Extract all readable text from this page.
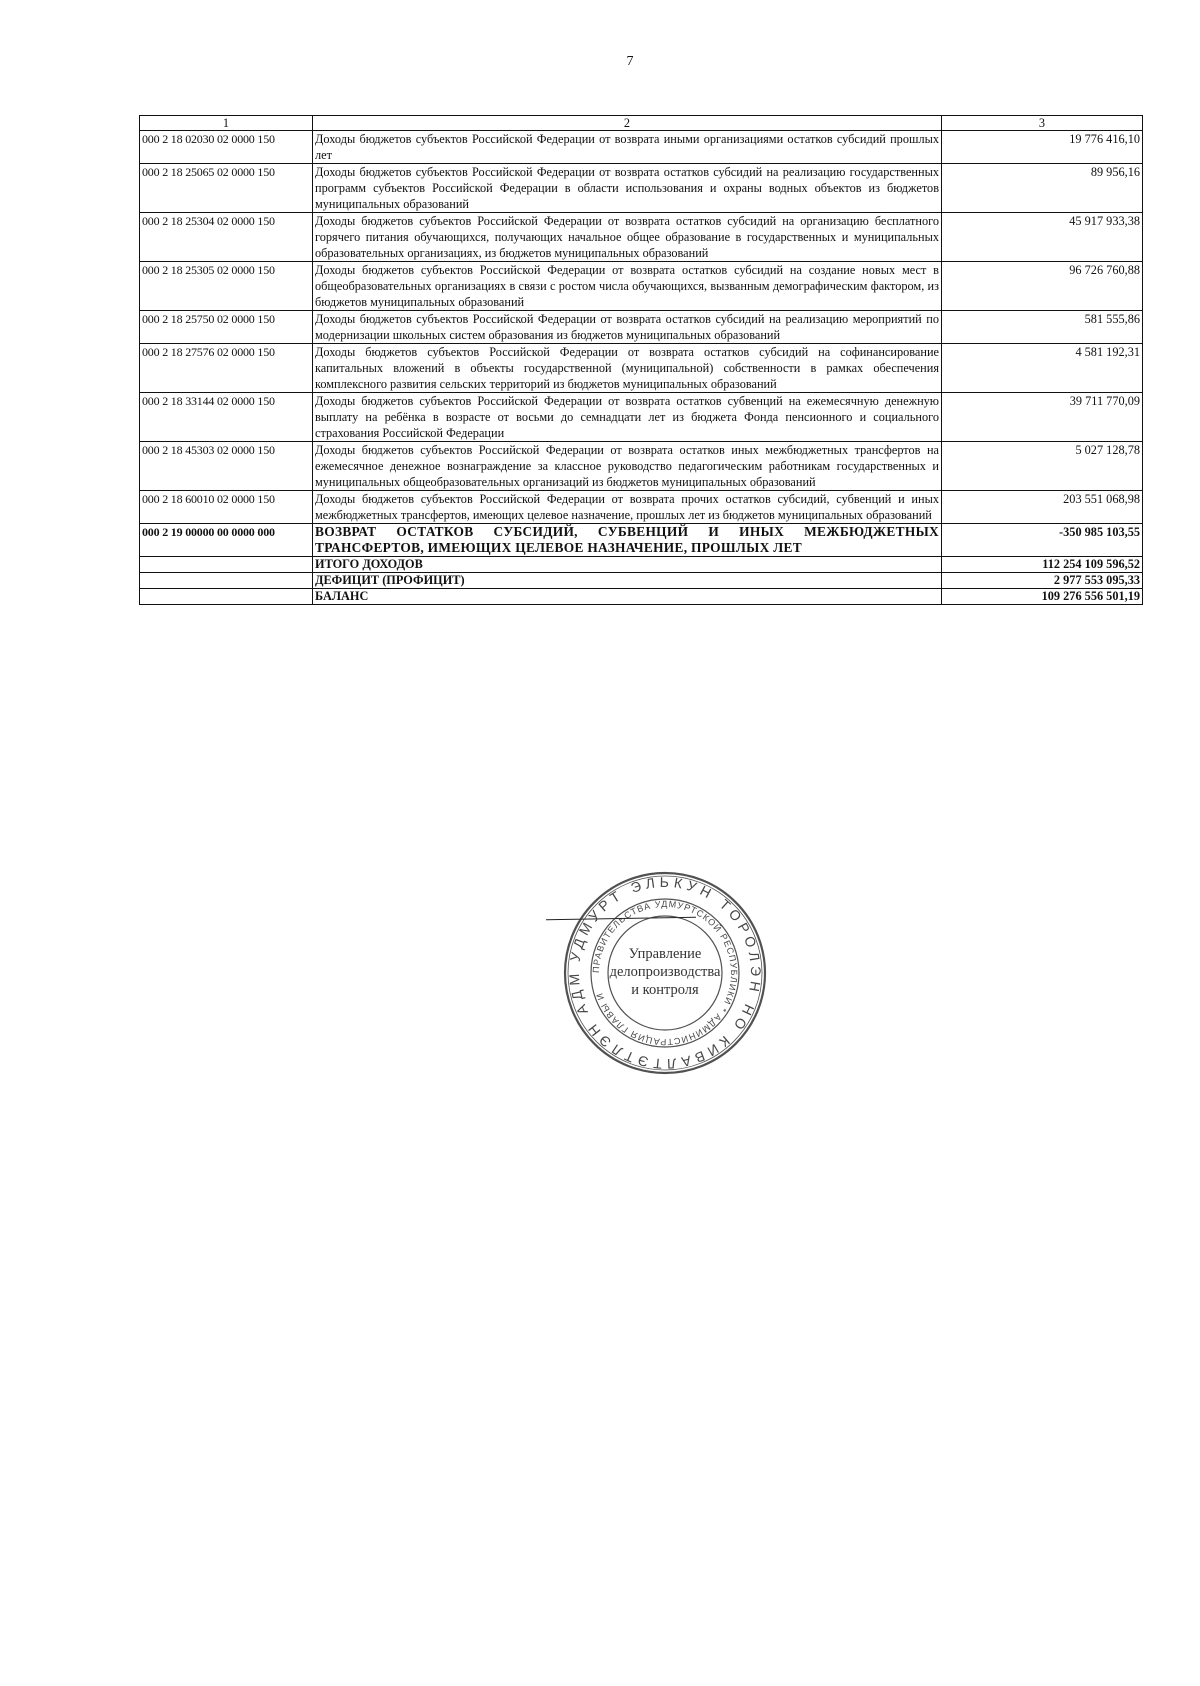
7
1	2	3
000 2 18 02030 02 0000 150	Доходы бюджетов субъектов Российской Федерации от возврата иными организациями остатков субсидий прошлых лет	19 776 416,10
000 2 18 25065 02 0000 150	Доходы бюджетов субъектов Российской Федерации от возврата остатков субсидий на реализацию государственных программ субъектов Российской Федерации в области использования и охраны водных объектов из бюджетов муниципальных образований	89 956,16
000 2 18 25304 02 0000 150	Доходы бюджетов субъектов Российской Федерации от возврата остатков субсидий на организацию бесплатного горячего питания обучающихся, получающих начальное общее образование в государственных и муниципальных образовательных организациях, из бюджетов муниципальных образований	45 917 933,38
000 2 18 25305 02 0000 150	Доходы бюджетов субъектов Российской Федерации от возврата остатков субсидий на создание новых мест в общеобразовательных организациях в связи с ростом числа обучающихся, вызванным демографическим фактором, из бюджетов муниципальных образований	96 726 760,88
000 2 18 25750 02 0000 150	Доходы бюджетов субъектов Российской Федерации от возврата остатков субсидий на реализацию мероприятий по модернизации школьных систем образования из бюджетов муниципальных образований	581 555,86
000 2 18 27576 02 0000 150	Доходы бюджетов субъектов Российской Федерации от возврата остатков субсидий на софинансирование капитальных вложений в объекты государственной (муниципальной) собственности в рамках обеспечения комплексного развития сельских территорий из бюджетов муниципальных образований	4 581 192,31
000 2 18 33144 02 0000 150	Доходы бюджетов субъектов Российской Федерации от возврата остатков субвенций на ежемесячную денежную выплату на ребёнка в возрасте от восьми до семнадцати лет из бюджета Фонда пенсионного и социального страхования Российской Федерации	39 711 770,09
000 2 18 45303 02 0000 150	Доходы бюджетов субъектов Российской Федерации от возврата остатков иных межбюджетных трансфертов на ежемесячное денежное вознаграждение за классное руководство педагогическим работникам государственных и муниципальных общеобразовательных организаций из бюджетов муниципальных образований	5 027 128,78
000 2 18 60010 02 0000 150	Доходы бюджетов субъектов Российской Федерации от возврата прочих остатков субсидий, субвенций и иных межбюджетных трансфертов, имеющих целевое назначение, прошлых лет из бюджетов муниципальных образований	203 551 068,98
000 2 19 00000 00 0000 000	ВОЗВРАТ ОСТАТКОВ СУБСИДИЙ, СУБВЕНЦИЙ И ИНЫХ МЕЖБЮДЖЕТНЫХ ТРАНСФЕРТОВ, ИМЕЮЩИХ ЦЕЛЕВОЕ НАЗНАЧЕНИЕ, ПРОШЛЫХ ЛЕТ	-350 985 103,55
	ИТОГО ДОХОДОВ	112 254 109 596,52
	ДЕФИЦИТ (ПРОФИЦИТ)	2 977 553 095,33
	БАЛАНС	109 276 556 501,19
УДМУРТ ЭЛЬКУН ТОРОЛЭН НО КИВАЛТЭТЛЭН АДМ ПРАВИТЕЛЬСТВА УДМУРТСКОЙ РЕСПУБЛИКИ * АДМИНИСТРАЦИЯ ГЛАВЫ И
Управление
делопроизводства
и контроля
